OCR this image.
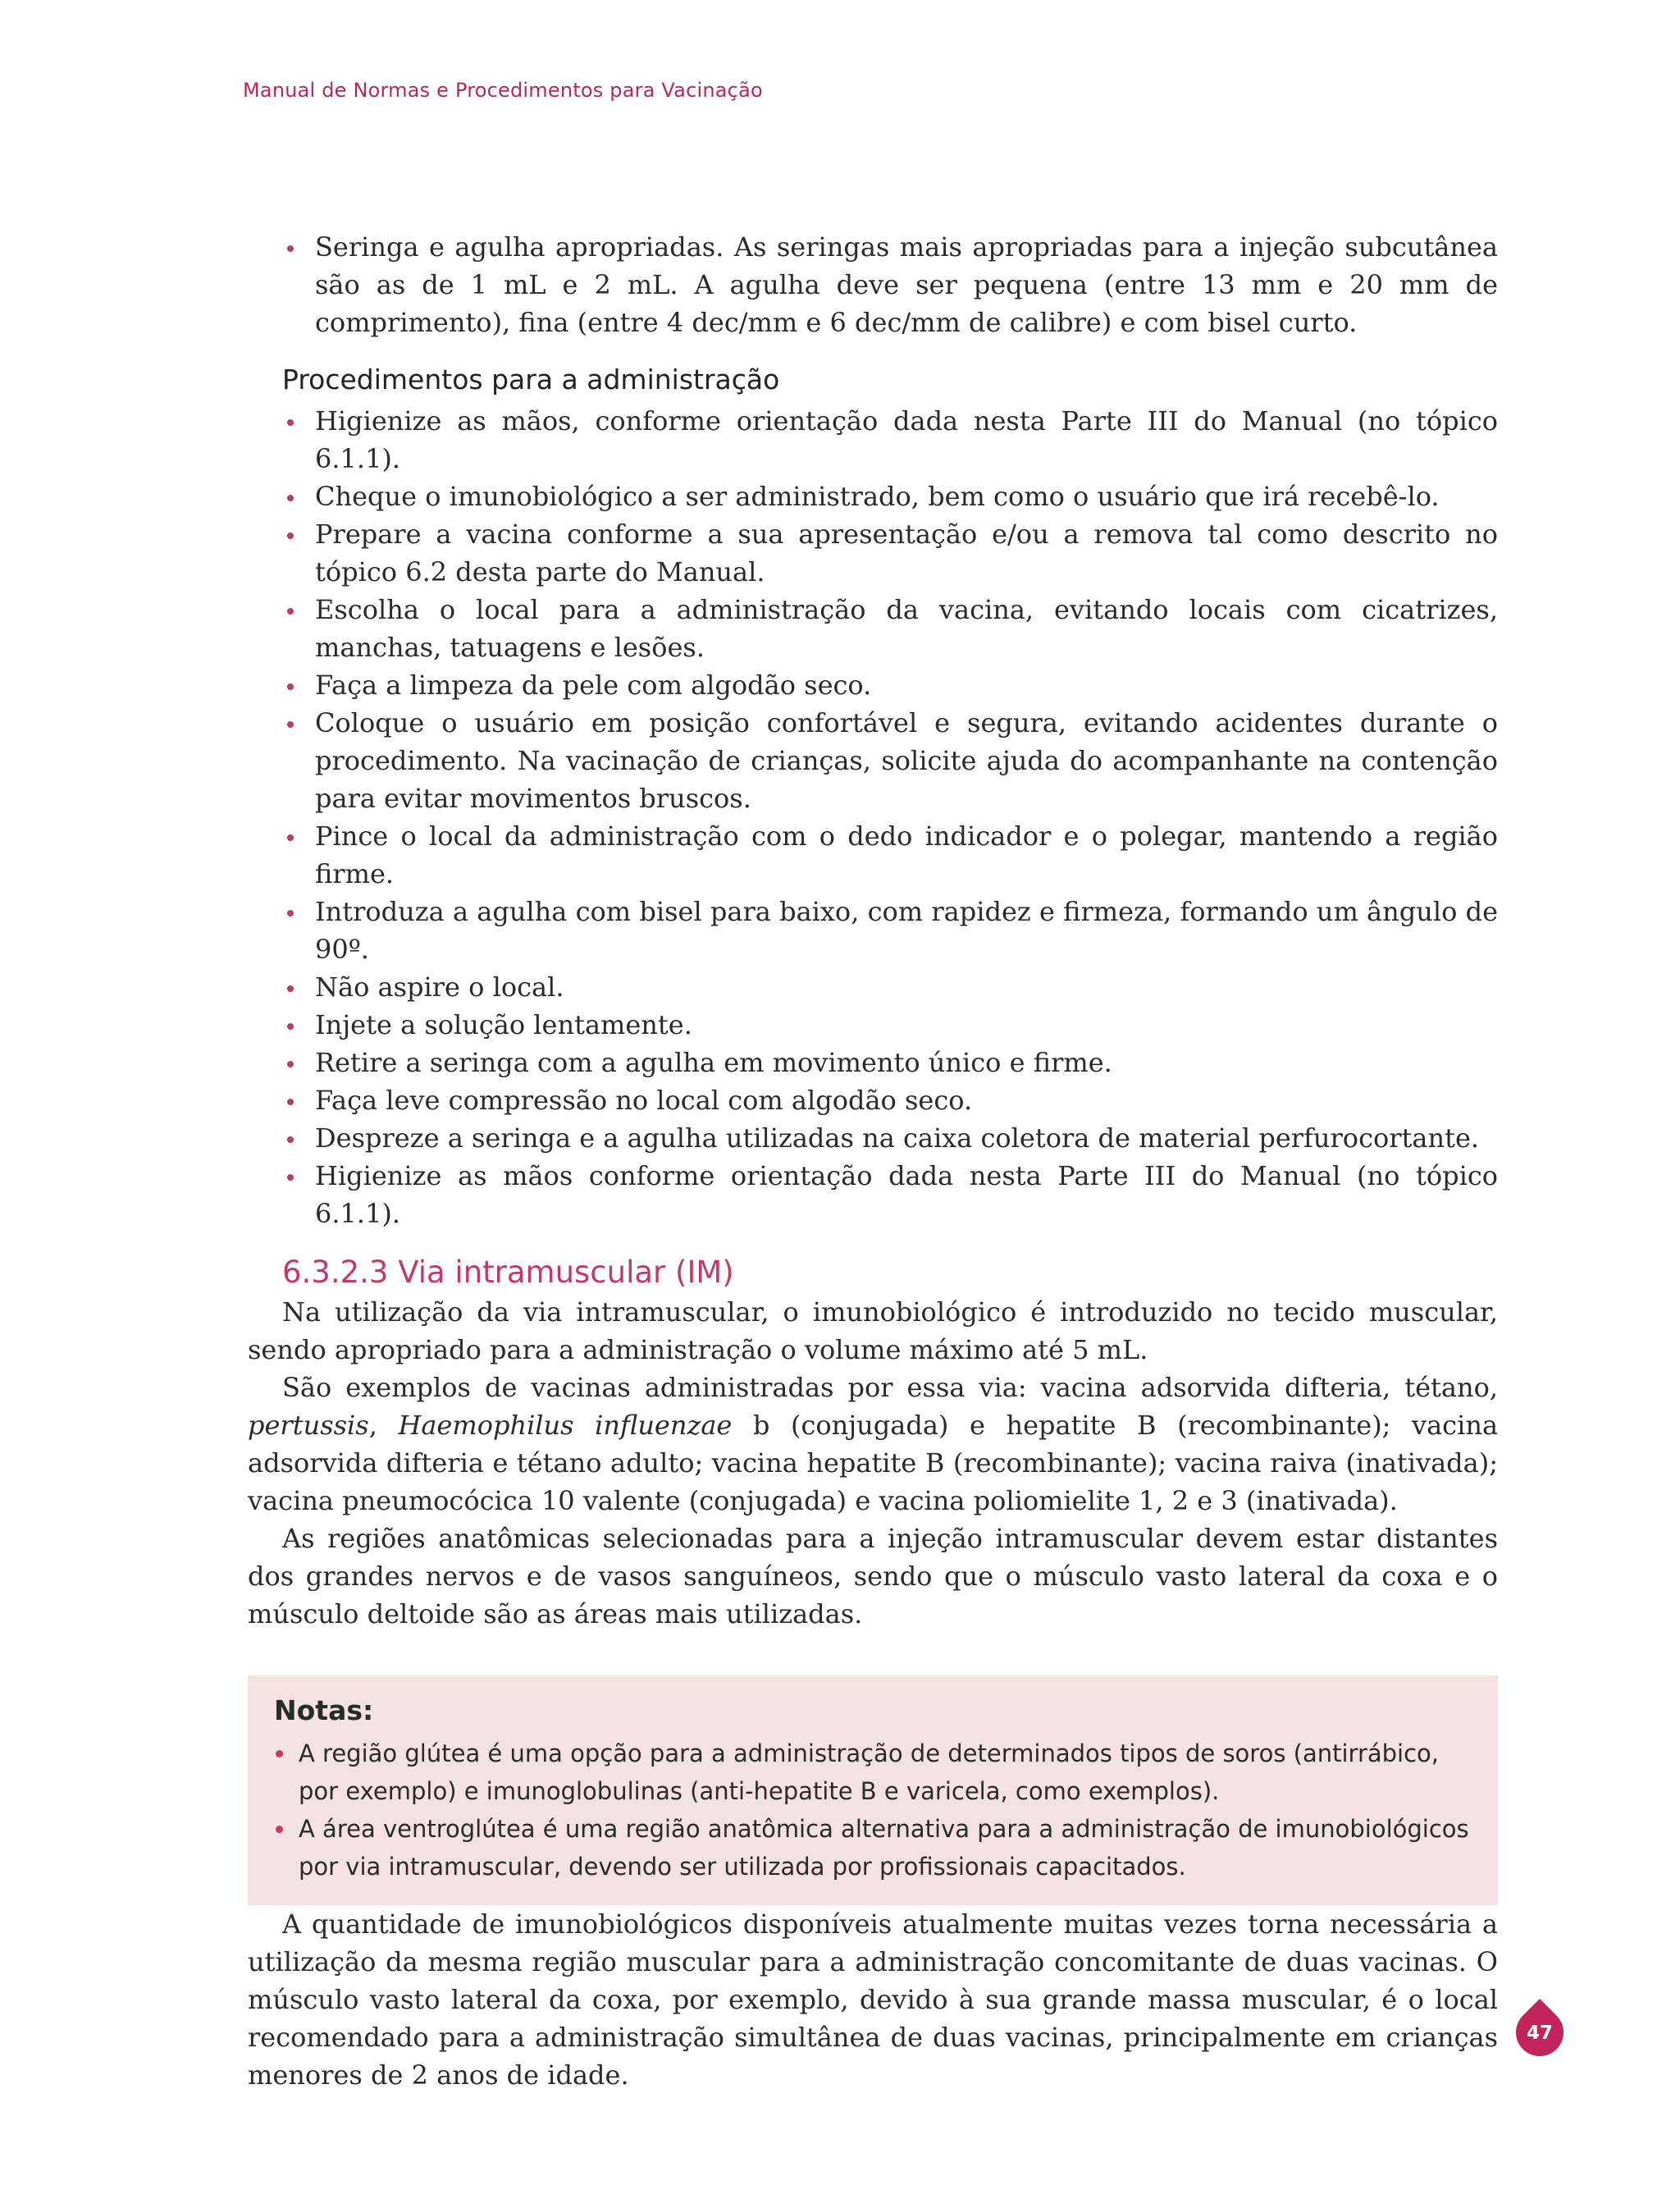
Manual de Normas e Procedimentos para Vacinação
Seringa e agulha apropriadas. As seringas mais apropriadas para a injeção subcutânea são as de 1 mL e 2 mL. A agulha deve ser pequena (entre 13 mm e 20 mm de comprimento), fina (entre 4 dec/mm e 6 dec/mm de calibre) e com bisel curto.
Procedimentos para a administração
Higienize as mãos, conforme orientação dada nesta Parte III do Manual (no tópico 6.1.1).
Cheque o imunobiológico a ser administrado, bem como o usuário que irá recebê-lo.
Prepare a vacina conforme a sua apresentação e/ou a remova tal como descrito no tópico 6.2 desta parte do Manual.
Escolha o local para a administração da vacina, evitando locais com cicatrizes, manchas, tatuagens e lesões.
Faça a limpeza da pele com algodão seco.
Coloque o usuário em posição confortável e segura, evitando acidentes durante o procedimento. Na vacinação de crianças, solicite ajuda do acompanhante na contenção para evitar movimentos bruscos.
Pince o local da administração com o dedo indicador e o polegar, mantendo a região firme.
Introduza a agulha com bisel para baixo, com rapidez e firmeza, formando um ângulo de 90º.
Não aspire o local.
Injete a solução lentamente.
Retire a seringa com a agulha em movimento único e firme.
Faça leve compressão no local com algodão seco.
Despreze a seringa e a agulha utilizadas na caixa coletora de material perfurocortante.
Higienize as mãos conforme orientação dada nesta Parte III do Manual (no tópico 6.1.1).
6.3.2.3 Via intramuscular (IM)

Na utilização da via intramuscular, o imunobiológico é introduzido no tecido muscular, sendo apropriado para a administração o volume máximo até 5 mL.

São exemplos de vacinas administradas por essa via: vacina adsorvida difteria, tétano, pertussis, Haemophilus influenzae b (conjugada) e hepatite B (recombinante); vacina adsorvida difteria e tétano adulto; vacina hepatite B (recombinante); vacina raiva (inativada); vacina pneumocócica 10 valente (conjugada) e vacina poliomielite 1, 2 e 3 (inativada).

As regiões anatômicas selecionadas para a injeção intramuscular devem estar distantes dos grandes nervos e de vasos sanguíneos, sendo que o músculo vasto lateral da coxa e o músculo deltoide são as áreas mais utilizadas.

Notas:
A região glútea é uma opção para a administração de determinados tipos de soros (antirrábico, por exemplo) e imunoglobulinas (anti-hepatite B e varicela, como exemplos).
A área ventroglútea é uma região anatômica alternativa para a administração de imunobiológicos por via intramuscular, devendo ser utilizada por profissionais capacitados.

A quantidade de imunobiológicos disponíveis atualmente muitas vezes torna necessária a utilização da mesma região muscular para a administração concomitante de duas vacinas. O músculo vasto lateral da coxa, por exemplo, devido à sua grande massa muscular, é o local recomendado para a administração simultânea de duas vacinas, principalmente em crianças menores de 2 anos de idade.

47
